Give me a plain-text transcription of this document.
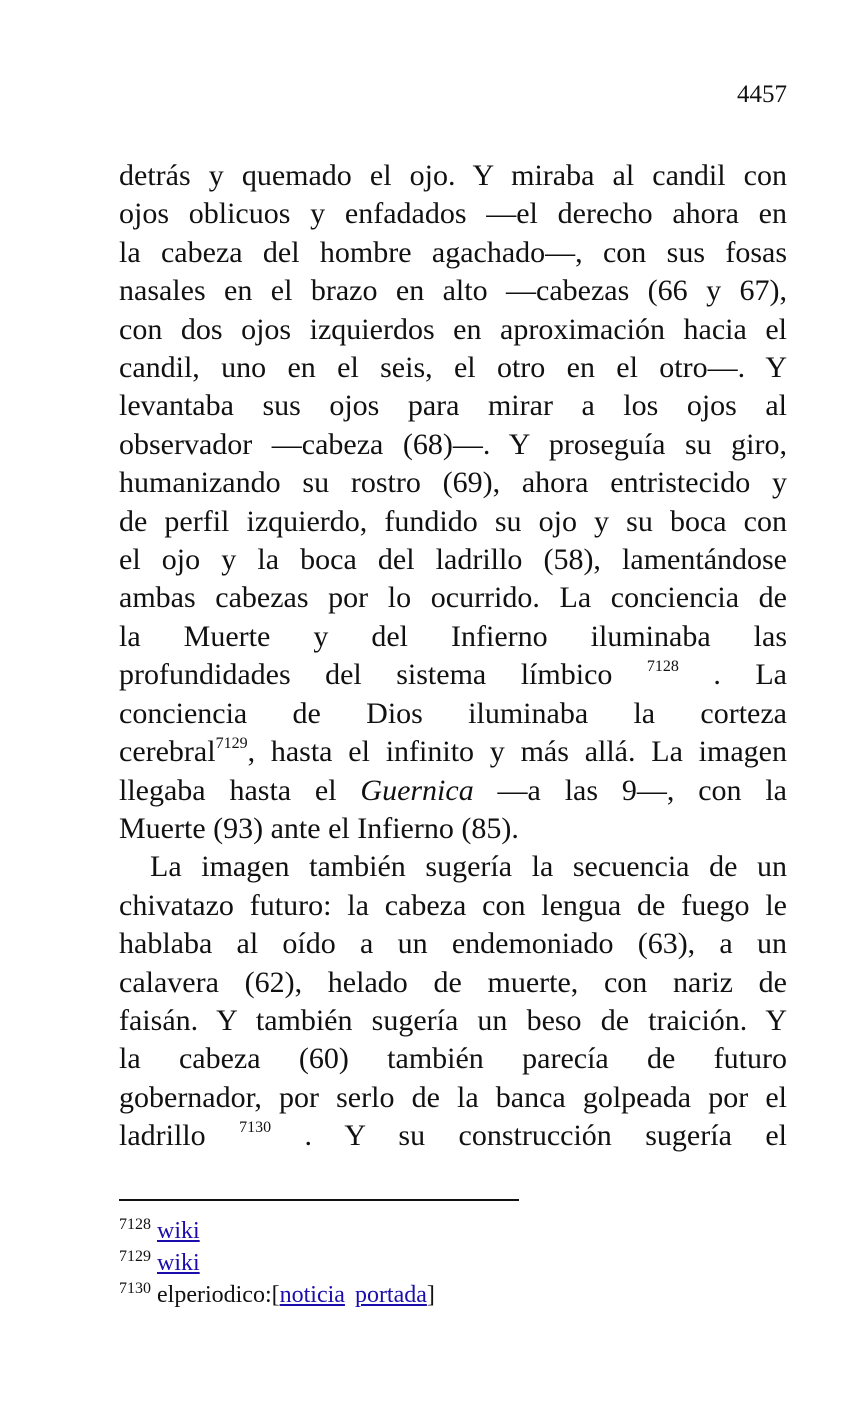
4457
detrás y quemado el ojo. Y miraba al candil con
ojos oblicuos y enfadados —el derecho ahora en
la cabeza del hombre agachado—, con sus fosas
nasales en el brazo en alto —cabezas (66 y 67),
con dos ojos izquierdos en aproximación hacia el
candil, uno en el seis, el otro en el otro—. Y
levantaba sus ojos para mirar a los ojos al
observador —cabeza (68)—. Y proseguía su giro,
humanizando su rostro (69), ahora entristecido y
de perfil izquierdo, fundido su ojo y su boca con
el ojo y la boca del ladrillo (58), lamentándose
ambas cabezas por lo ocurrido. La conciencia de
la Muerte y del Infierno iluminaba las
profundidades del sistema límbico $^{7128}$ . La
conciencia de Dios iluminaba la corteza
cerebral$^{7129}$, hasta el infinito y más allá. La imagen
llegaba hasta el Guernica —a las 9—, con la
Muerte (93) ante el Infierno (85).
La imagen también sugería la secuencia de un
chivatazo futuro: la cabeza con lengua de fuego le
hablaba al oído a un endemoniado (63), a un
calavera (62), helado de muerte, con nariz de
faisán. Y también sugería un beso de traición. Y
la cabeza (60) también parecía de futuro
gobernador, por serlo de la banca golpeada por el
ladrillo $^{7130}$ . Y su construcción sugería el
$^{7128}$ wiki
$^{7129}$ wiki
$^{7130}$ elperiodico:[noticia portada]
